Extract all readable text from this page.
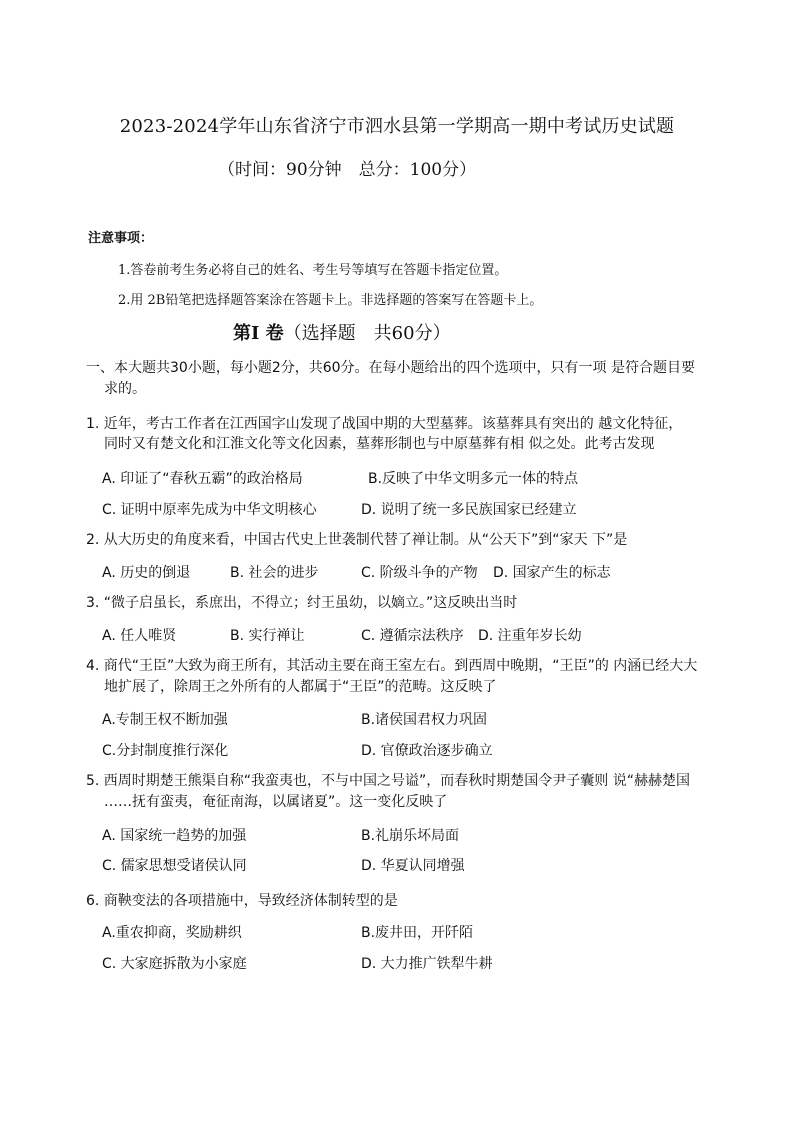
2023-2024学年山东省济宁市泗水县第一学期高一期中考试历史试题
（时间：90分钟　总分：100分）
注意事项：
1.答卷前考生务必将自己的姓名、考生号等填写在答题卡指定位置。
2.用 2B铅笔把选择题答案涂在答题卡上。非选择题的答案写在答题卡上。
第I 卷（选择题　共60分）
一、本大题共30小题，每小题2分，共60分。在每小题给出的四个选项中，只有一项 是符合题目要
求的。
1. 近年，考古工作者在江西国字山发现了战国中期的大型墓葬。该墓葬具有突出的 越文化特征，
同时又有楚文化和江淮文化等文化因素，墓葬形制也与中原墓葬有相 似之处。此考古发现
A. 印证了“春秋五霸”的政治格局	B.反映了中华文明多元一体的特点
C. 证明中原率先成为中华文明核心	D. 说明了统一多民族国家已经建立
2. 从大历史的角度来看，中国古代史上世袭制代替了禅让制。从“公天下”到“家天 下”是
A. 历史的倒退	B. 社会的进步	C. 阶级斗争的产物 D. 国家产生的标志
3. “微子启虽长，系庶出，不得立；纣王虽幼，以嫡立。”这反映出当时
A. 任人唯贤	B. 实行禅让	C. 遵循宗法秩序 D. 注重年岁长幼
4. 商代“王臣”大致为商王所有，其活动主要在商王室左右。到西周中晚期，“王臣”的 内涵已经大大
地扩展了，除周王之外所有的人都属于“王臣”的范畴。这反映了
A.专制王权不断加强	B.诸侯国君权力巩固
C.分封制度推行深化	D. 官僚政治逐步确立
5. 西周时期楚王熊渠自称“我蛮夷也，不与中国之号谥”，而春秋时期楚国令尹子囊则 说“赫赫楚国
……抚有蛮夷，奄征南海，以属诸夏”。这一变化反映了
A. 国家统一趋势的加强	B.礼崩乐坏局面
C. 儒家思想受诸侯认同	D. 华夏认同增强
6. 商鞅变法的各项措施中，导致经济体制转型的是
A.重农抑商，奖励耕织	B.废井田，开阡陌
C. 大家庭拆散为小家庭	D. 大力推广铁犁牛耕
